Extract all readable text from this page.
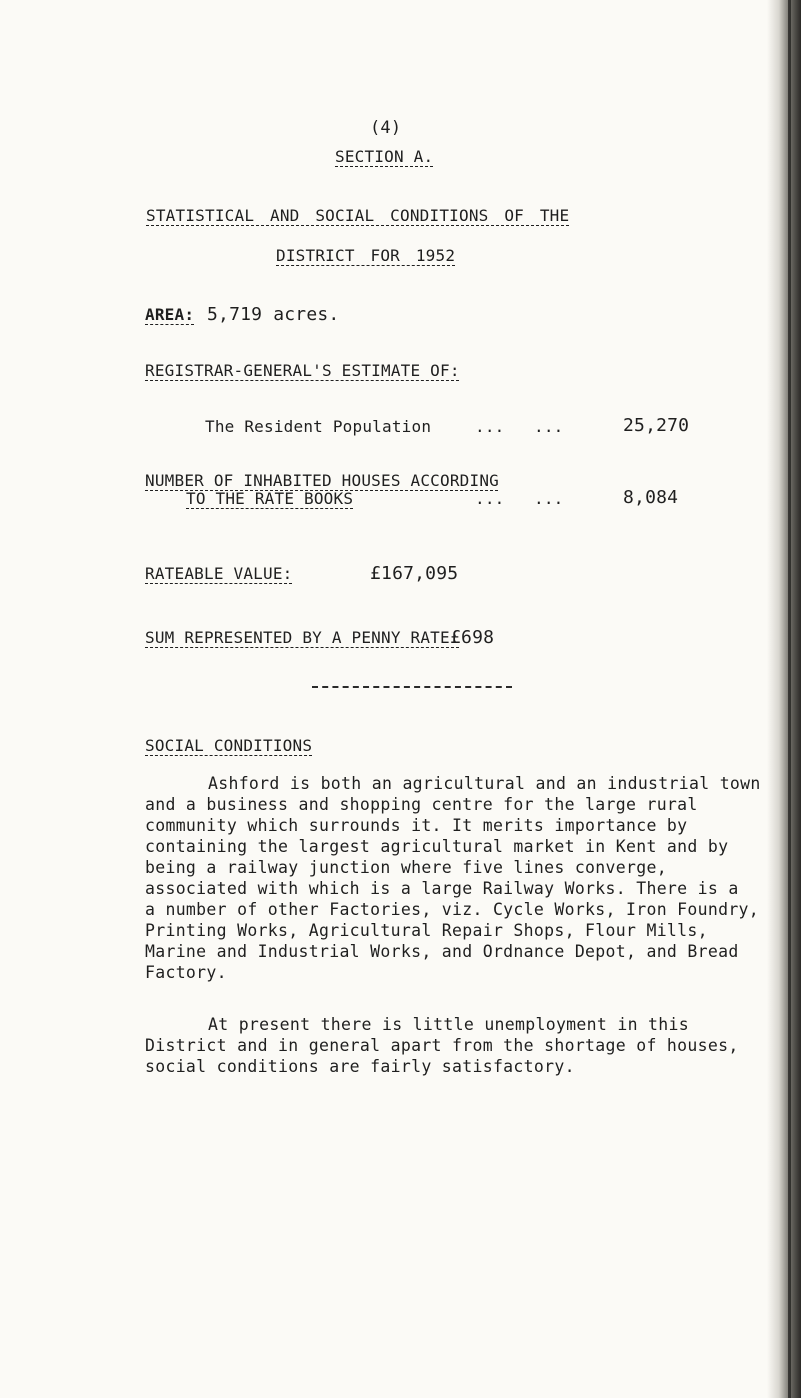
(4)
SECTION A.
STATISTICAL AND SOCIAL CONDITIONS OF THE
DISTRICT FOR 1952
AREA: 5,719 acres.
REGISTRAR-GENERAL'S ESTIMATE OF:
The Resident Population	...   ...	25,270
NUMBER OF INHABITED HOUSES ACCORDING
TO THE RATE BOOKS	...   ...	8,084
RATEABLE VALUE:	£167,095
SUM REPRESENTED BY A PENNY RATE:
£698
SOCIAL CONDITIONS
Ashford is both an agricultural and an industrial town
and a business and shopping centre for the large rural
community which surrounds it. It merits importance by
containing the largest agricultural market in Kent and by
being a railway junction where five lines converge,
associated with which is a large Railway Works. There is a
a number of other Factories, viz. Cycle Works, Iron Foundry,
Printing Works, Agricultural Repair Shops, Flour Mills,
Marine and Industrial Works, and Ordnance Depot, and Bread
Factory.
At present there is little unemployment in this
District and in general apart from the shortage of houses,
social conditions are fairly satisfactory.
